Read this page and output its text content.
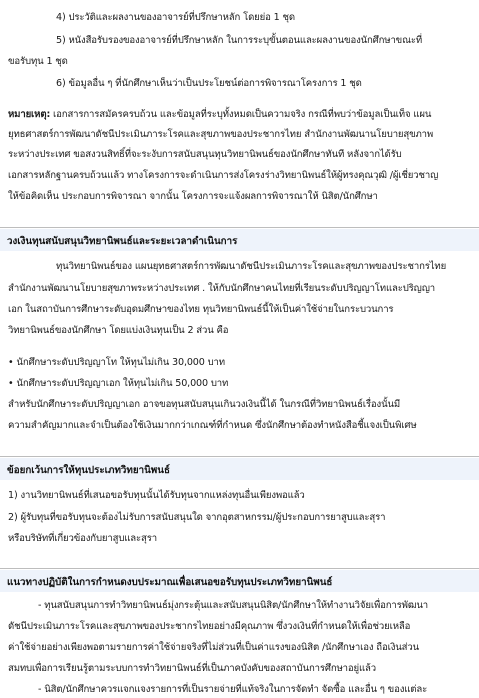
4) ประวัติและผลงานของอาจารย์ที่ปรึกษาหลัก โดยย่อ 1 ชุด

5) หนังสือรับรองของอาจารย์ที่ปรึกษาหลัก ในการระบุขั้นตอนและผลงานของนักศึกษาขณะที่

ขอรับทุน 1 ชุด

6) ข้อมูลอื่น ๆ ที่นักศึกษาเห็นว่าเป็นประโยชน์ต่อการพิจารณาโครงการ 1 ชุด

หมายเหตุ: เอกสารการสมัครครบถ้วน และข้อมูลที่ระบุทั้งหมดเป็นความจริง กรณีที่พบว่าข้อมูลเป็นเท็จ แผน

ยุทธศาสตร์การพัฒนาดัชนีประเมินภาระโรคและสุขภาพของประชากรไทย สำนักงานพัฒนานโยบายสุขภาพ

ระหว่างประเทศ ขอสงวนสิทธิ์ที่จะระงับการสนับสนุนทุนวิทยานิพนธ์ของนักศึกษาทันที หลังจากได้รับ

เอกสารหลักฐานครบถ้วนแล้ว ทางโครงการจะดำเนินการส่งโครงร่างวิทยานิพนธ์ให้ผู้ทรงคุณวุฒิ /ผู้เชี่ยวชาญ

ให้ข้อคิดเห็น ประกอบการพิจารณา จากนั้น โครงการจะแจ้งผลการพิจารณาให้ นิสิต/นักศึกษา

วงเงินทุนสนับสนุนวิทยานิพนธ์และระยะเวลาดำเนินการ

ทุนวิทยานิพนธ์ของ แผนยุทธศาสตร์การพัฒนาดัชนีประเมินภาระโรคและสุขภาพของประชากรไทย

สำนักงานพัฒนานโยบายสุขภาพระหว่างประเทศ . ให้กับนักศึกษาคนไทยที่เรียนระดับปริญญาโทและปริญญา

เอก ในสถาบันการศึกษาระดับอุดมศึกษาของไทย ทุนวิทยานิพนธ์นี้ให้เป็นค่าใช้จ่ายในกระบวนการ

วิทยานิพนธ์ของนักศึกษา โดยแบ่งเงินทุนเป็น 2 ส่วน คือ

• นักศึกษาระดับปริญญาโท ให้ทุนไม่เกิน 30,000 บาท

• นักศึกษาระดับปริญญาเอก ให้ทุนไม่เกิน 50,000 บาท

สำหรับนักศึกษาระดับปริญญาเอก อาจขอทุนสนับสนุนเกินวงเงินนี้ได้ ในกรณีที่วิทยานิพนธ์เรื่องนั้นมี

ความสำคัญมากและจำเป็นต้องใช้เงินมากกว่าเกณฑ์ที่กำหนด ซึ่งนักศึกษาต้องทำหนังสือชี้แจงเป็นพิเศษ

ข้อยกเว้นการให้ทุนประเภทวิทยานิพนธ์

1) งานวิทยานิพนธ์ที่เสนอขอรับทุนนั้นได้รับทุนจากแหล่งทุนอื่นเพียงพอแล้ว

2) ผู้รับทุนที่ขอรับทุนจะต้องไม่รับการสนับสนุนใด จากอุตสาหกรรม/ผู้ประกอบการยาสูบและสุรา

หรือบริษัทที่เกี่ยวข้องกับยาสูบและสุรา

แนวทางปฏิบัติในการกำหนดงบประมาณเพื่อเสนอขอรับทุนประเภทวิทยานิพนธ์

- ทุนสนับสนุนการทำวิทยานิพนธ์มุ่งกระตุ้นและสนับสนุนนิสิต/นักศึกษาให้ทำงานวิจัยเพื่อการพัฒนา

ดัชนีประเมินภาระโรคและสุขภาพของประชากรไทยอย่างมีคุณภาพ ซึ่งวงเงินที่กำหนดให้เพื่อช่วยเหลือ

ค่าใช้จ่ายอย่างเพียงพอตามรายการค่าใช้จ่ายจริงที่ไม่ส่วนที่เป็นค่าแรงของนิสิต /นักศึกษาเอง ถือเงินส่วน

สมทบเพื่อการเรียนรู้ตามระบบการทำวิทยานิพนธ์ที่เป็นภาคบังคับของสถาบันการศึกษาอยู่แล้ว

- นิสิต/นักศึกษาควรแจกแจงรายการที่เป็นรายจ่ายที่แท้จริงในการจัดทำ จัดซื้อ และอื่น ๆ ของแต่ละ
